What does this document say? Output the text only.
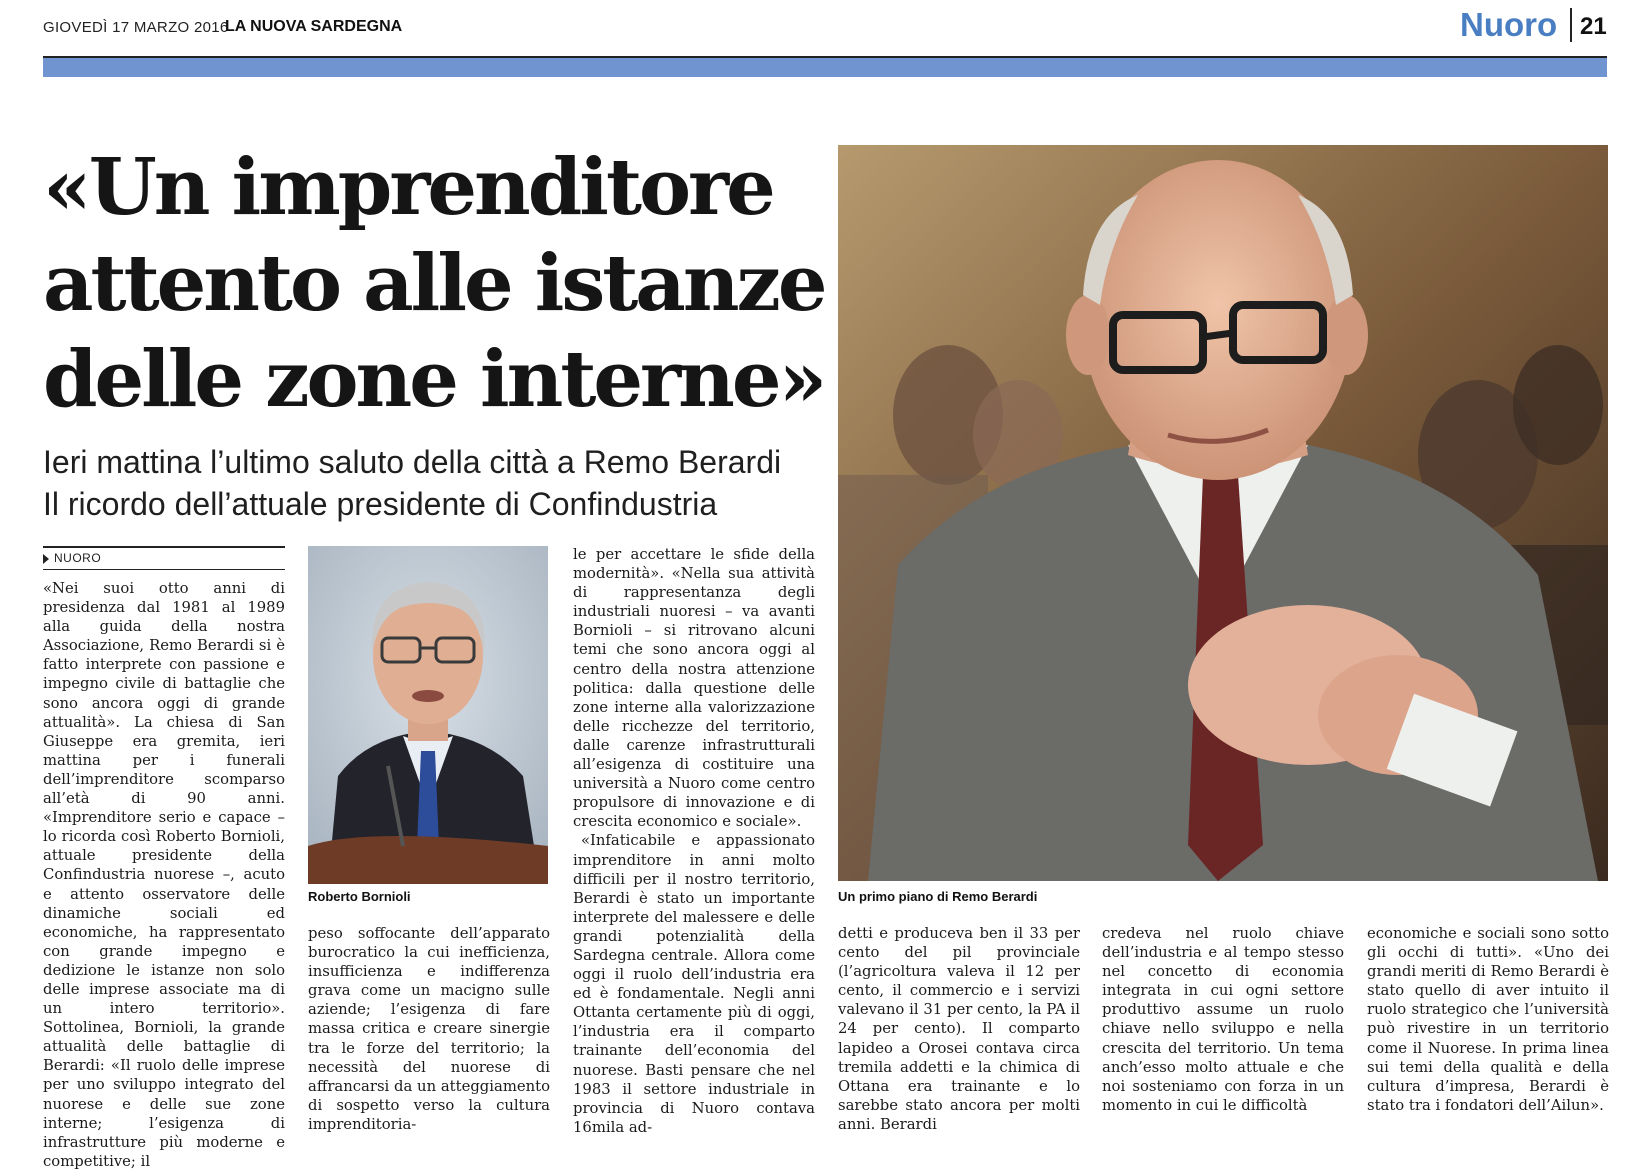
GIOVEDÌ 17 MARZO 2016
LA NUOVA SARDEGNA	Nuoro 21
«Un imprenditore
attento alle istanze
delle zone interne»
Ieri mattina l’ultimo saluto della città a Remo Berardi
Il ricordo dell’attuale presidente di Confindustria
NUORO
Roberto Bornioli	Un primo piano di Remo Berardi

«Nei suoi otto anni di presidenza dal 1981 al 1989 alla guida della nostra Associazione, Remo Berardi si è fatto interprete con passione e impegno civile di battaglie che sono ancora oggi di grande attualità». La chiesa di San Giuseppe era gremita, ieri mattina per i funerali dell’imprenditore scomparso all’età di 90 anni. «Imprenditore serio e capace – lo ricorda così Roberto Bornioli, attuale presidente della Confindustria nuorese –, acuto e attento osservatore delle dinamiche sociali ed economiche, ha rappresentato con grande impegno e dedizione le istanze non solo delle imprese associate ma di un intero territorio». Sottolinea, Bornioli, la grande attualità delle battaglie di Berardi: «Il ruolo delle imprese per uno sviluppo integrato del nuorese e delle sue zone interne; l’esigenza di infrastrutture più moderne e competitive; il

peso soffocante dell’apparato burocratico la cui inefficienza, insufficienza e indifferenza grava come un macigno sulle aziende; l’esigenza di fare massa critica e creare sinergie tra le forze del territorio; la necessità del nuorese di affrancarsi da un atteggiamento di sospetto verso la cultura imprenditoria-

le per accettare le sfide della modernità». «Nella sua attività di rappresentanza degli industriali nuoresi – va avanti Bornioli – si ritrovano alcuni temi che sono ancora oggi al centro della nostra attenzione politica: dalla questione delle zone interne alla valorizzazione delle ricchezze del territorio, dalle carenze infrastrutturali all’esigenza di costituire una università a Nuoro come centro propulsore di innovazione e di crescita economico e sociale».

«Infaticabile e appassionato imprenditore in anni molto difficili per il nostro territorio, Berardi è stato un importante interprete del malessere e delle grandi potenzialità della Sardegna centrale. Allora come oggi il ruolo dell’industria era ed è fondamentale. Negli anni Ottanta certamente più di oggi, l’industria era il comparto trainante dell’economia del nuorese. Basti pensare che nel 1983 il settore industriale in provincia di Nuoro contava 16mila ad-

detti e produceva ben il 33 per cento del pil provinciale (l’agricoltura valeva il 12 per cento, il commercio e i servizi valevano il 31 per cento, la PA il 24 per cento). Il comparto lapideo a Orosei contava circa tremila addetti e la chimica di Ottana era trainante e lo sarebbe stato ancora per molti anni. Berardi

credeva nel ruolo chiave dell’industria e al tempo stesso nel concetto di economia integrata in cui ogni settore produttivo assume un ruolo chiave nello sviluppo e nella crescita del territorio. Un tema anch’esso molto attuale e che noi sosteniamo con forza in un momento in cui le difficoltà

economiche e sociali sono sotto gli occhi di tutti». «Uno dei grandi meriti di Remo Berardi è stato quello di aver intuito il ruolo strategico che l’università può rivestire in un territorio come il Nuorese. In prima linea sui temi della qualità e della cultura d’impresa, Berardi è stato tra i fondatori dell’Ailun».
